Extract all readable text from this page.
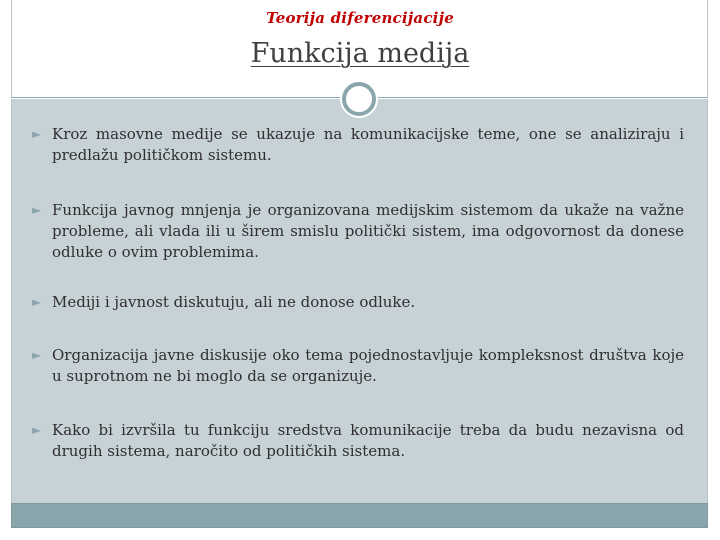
Teorija diferencijacije
Funkcija medija
► Kroz masovne medije se ukazuje na komunikacijske teme, one se analiziraju i predlažu političkom sistemu.
► Funkcija javnog mnjenja je organizovana medijskim sistemom da ukaže na važne probleme, ali vlada ili u širem smislu politički sistem, ima odgovornost da donese odluke o ovim problemima.
► Mediji i javnost diskutuju, ali ne donose odluke.
► Organizacija javne diskusije oko tema pojednostavljuje kompleksnost društva koje u suprotnom ne bi moglo da se organizuje.
► Kako bi izvršila tu funkciju sredstva komunikacije treba da budu nezavisna od drugih sistema, naročito od političkih sistema.
